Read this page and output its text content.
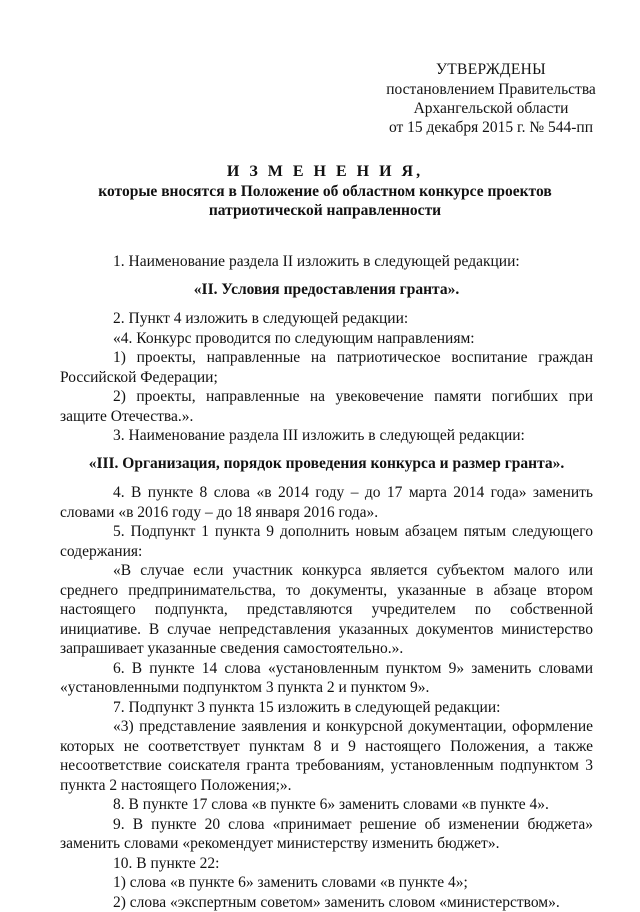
УТВЕРЖДЕНЫ
постановлением Правительства
Архангельской области
от 15 декабря 2015 г. № 544-пп
И З М Е Н Е Н И Я,
которые вносятся в Положение об областном конкурсе проектов патриотической направленности

1. Наименование раздела II изложить в следующей редакции:

«II. Условия предоставления гранта».

2. Пункт 4 изложить в следующей редакции:

«4. Конкурс проводится по следующим направлениям:

1) проекты, направленные на патриотическое воспитание граждан Российской Федерации;

2) проекты, направленные на увековечение памяти погибших при защите Отечества.».

3. Наименование раздела III изложить в следующей редакции:

«III. Организация, порядок проведения конкурса и размер гранта».

4. В пункте 8 слова «в 2014 году – до 17 марта 2014 года» заменить словами «в 2016 году – до 18 января 2016 года».

5. Подпункт 1 пункта 9 дополнить новым абзацем пятым следующего содержания:

«В случае если участник конкурса является субъектом малого или среднего предпринимательства, то документы, указанные в абзаце втором настоящего подпункта, представляются учредителем по собственной инициативе. В случае непредставления указанных документов министерство запрашивает указанные сведения самостоятельно.».

6. В пункте 14 слова «установленным пунктом 9» заменить словами «установленными подпунктом 3 пункта 2 и пунктом 9».

7. Подпункт 3 пункта 15 изложить в следующей редакции:

«3) представление заявления и конкурсной документации, оформление которых не соответствует пунктам 8 и 9 настоящего Положения, а также несоответствие соискателя гранта требованиям, установленным подпунктом 3 пункта 2 настоящего Положения;».

8. В пункте 17 слова «в пункте 6» заменить словами «в пункте 4».

9. В пункте 20 слова «принимает решение об изменении бюджета» заменить словами «рекомендует министерству изменить бюджет».

10. В пункте 22:

1) слова «в пункте 6» заменить словами «в пункте 4»;

2) слова «экспертным советом» заменить словом «министерством».
